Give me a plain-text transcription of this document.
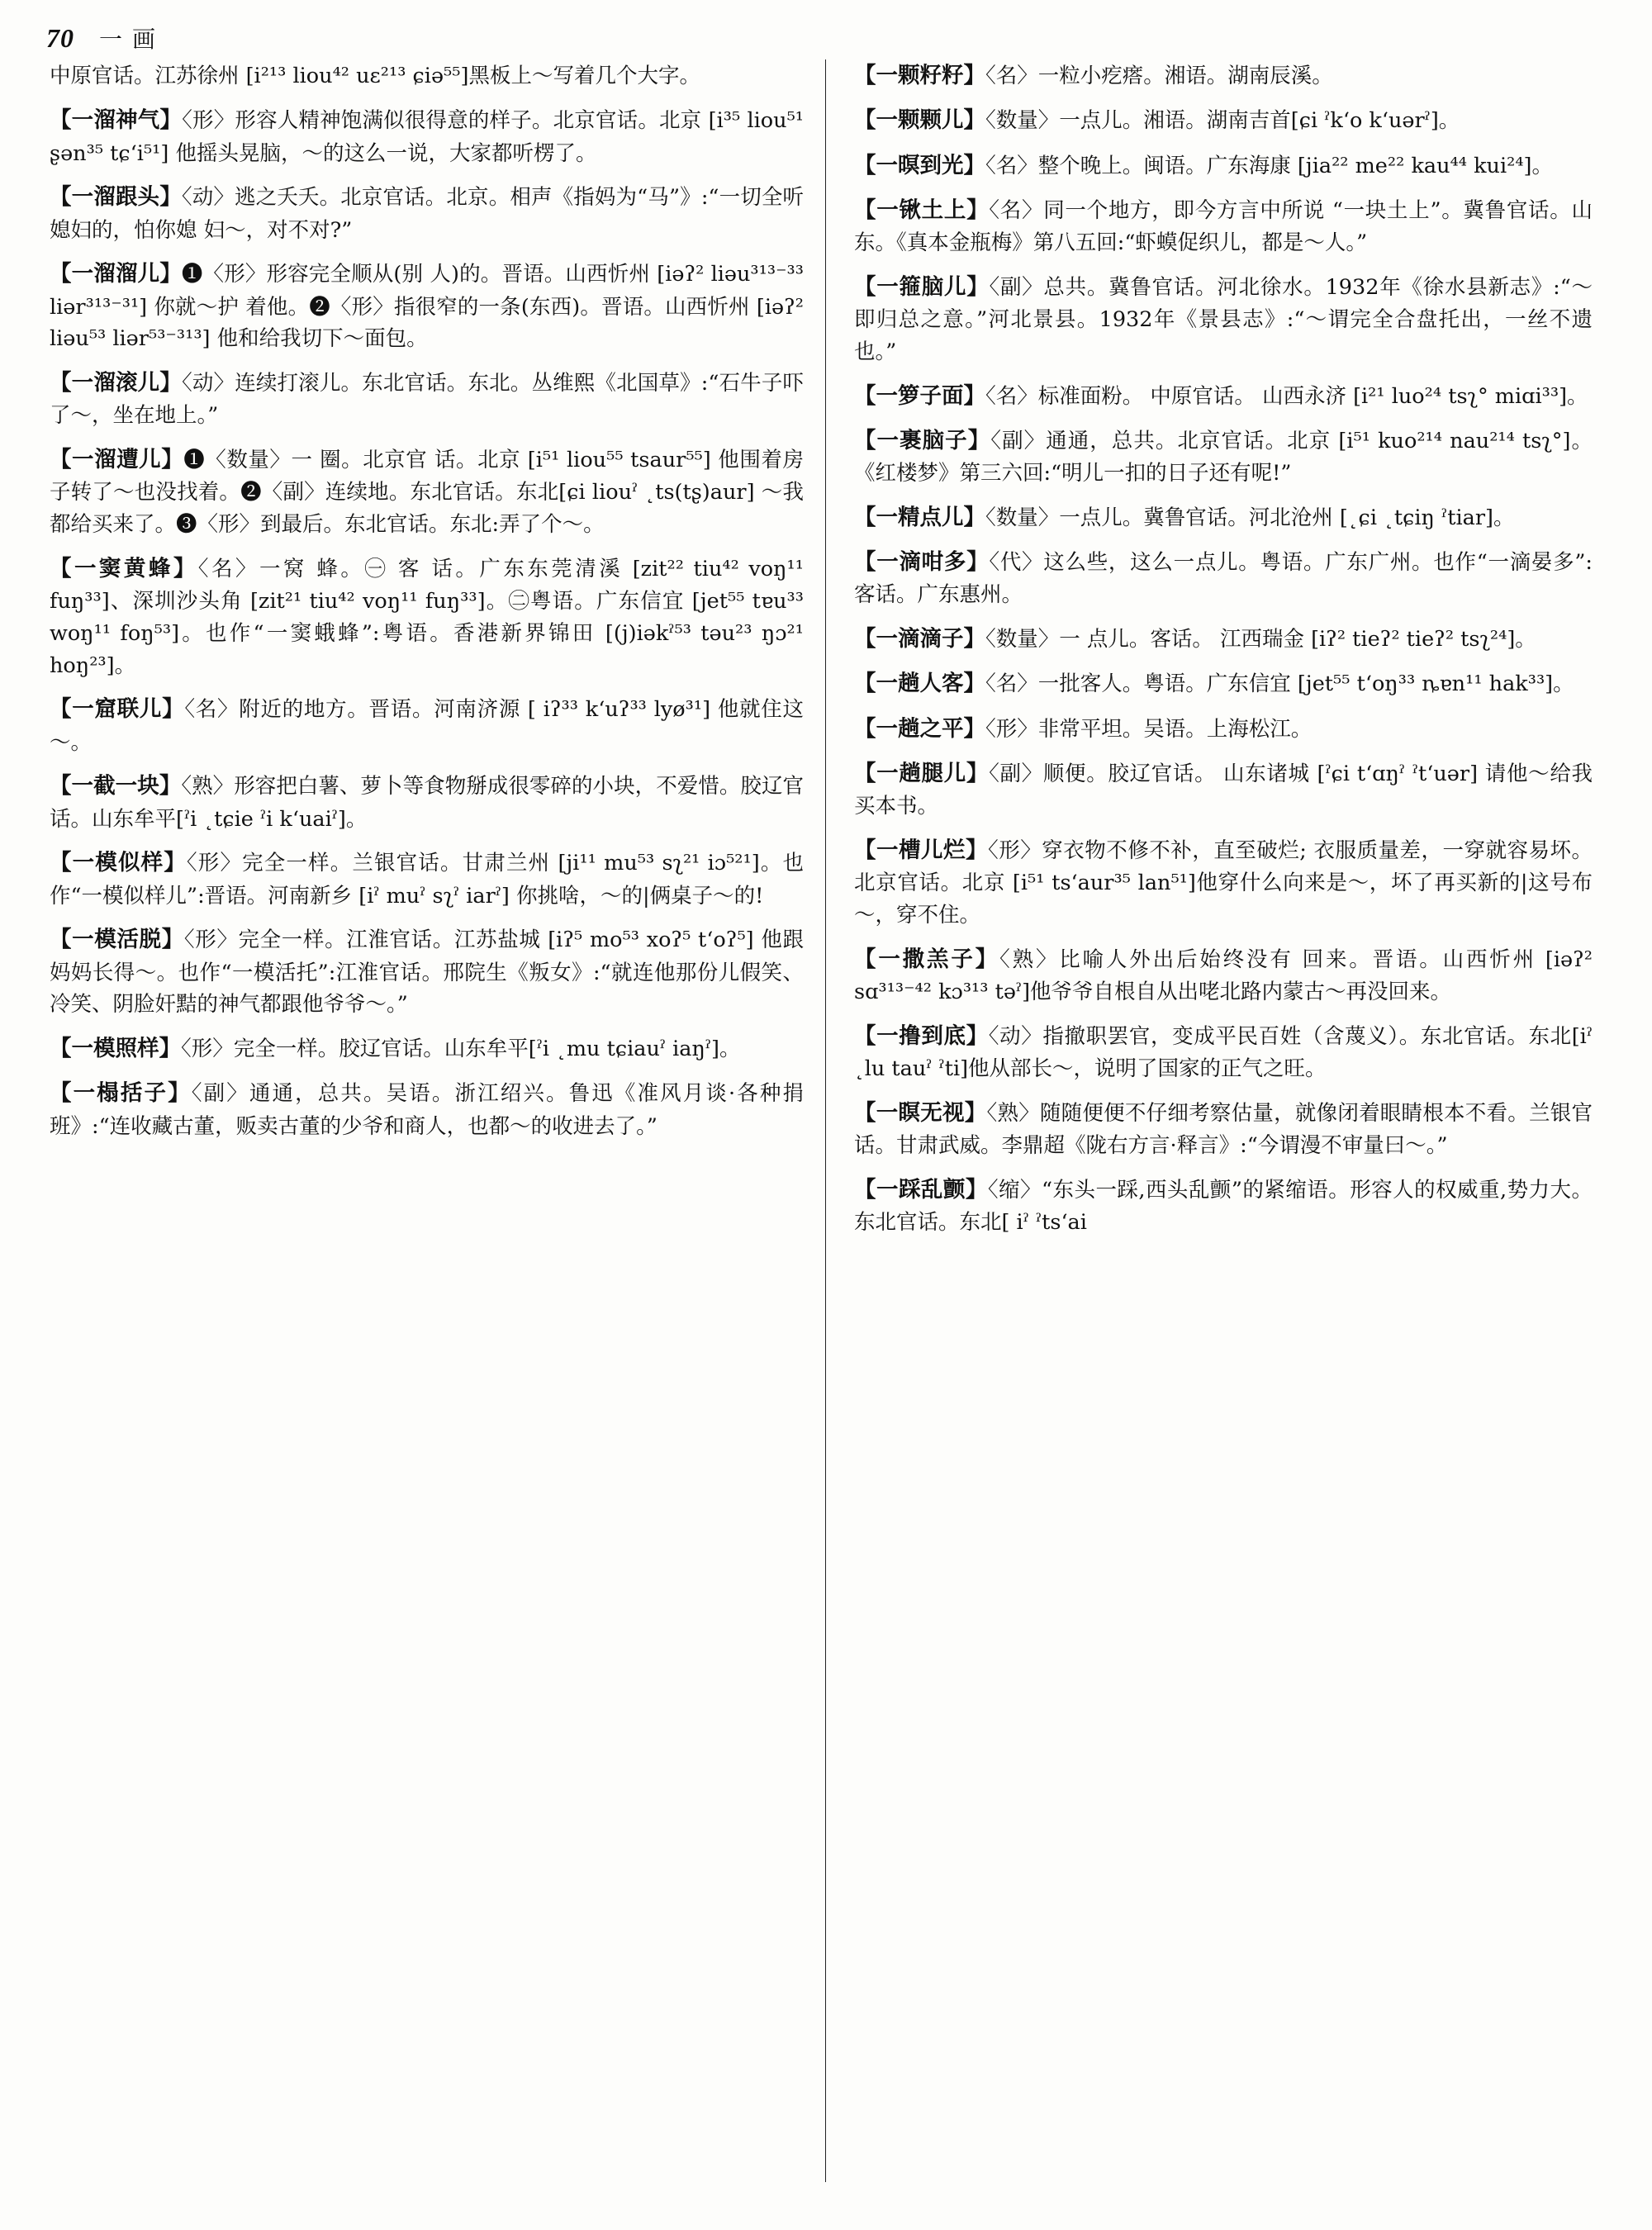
70 一画
中原官话。江苏徐州 [i²¹³ liou⁴² uɛ²¹³ ɕiə⁵⁵]黑板上～写着几个大字。
【一溜神气】〈形〉形容人精神饱满似很得意的样子。北京官话。北京 [i³⁵ liou⁵¹ ʂən³⁵ tɕ‘i⁵¹] 他摇头晃脑，～的这么一说，大家都听楞了。
【一溜跟头】〈动〉逃之夭夭。北京官话。北京。相声《指妈为“马”》:“一切全听媳妇的，怕你媳 妇～，对不对?”
【一溜溜儿】❶〈形〉形容完全顺从(别 人)的。晋语。山西忻州 [iəʔ² liəu³¹³⁻³³ liər³¹³⁻³¹] 你就～护 着他。❷〈形〉指很窄的一条(东西)。晋语。山西忻州 [iəʔ² liəu⁵³ liər⁵³⁻³¹³] 他和给我切下～面包。
【一溜滚儿】〈动〉连续打滚儿。东北官话。东北。丛维熙《北国草》:“石牛子吓了～，坐在地上。”
【一溜遭儿】❶〈数量〉一 圈。北京官 话。北京 [i⁵¹ liou⁵⁵ tsaur⁵⁵] 他围着房子转了～也没找着。❷〈副〉连续地。东北官话。东北[ɕi liouˀ ˛ts(tʂ)aur] ～我都给买来了。❸〈形〉到最后。东北官话。东北:弄了个～。
【一窦黄蜂】〈名〉一窝 蜂。㊀ 客 话。广东东莞清溪 [zit²² tiu⁴² voŋ¹¹ fuŋ³³]、深圳沙头角 [zit²¹ tiu⁴² voŋ¹¹ fuŋ³³]。㊁粤语。广东信宜 [jet⁵⁵ tɐu³³ woŋ¹¹ foŋ⁵³]。也作“一窦蛾蜂”:粤语。香港新界锦田 [(j)iəkˀ⁵³ təu²³ ŋɔ²¹ hoŋ²³]。
【一窟联儿】〈名〉附近的地方。晋语。河南济源 [ iʔ³³ k‘uʔ³³ lyø³¹] 他就住这～。
【一截一块】〈熟〉形容把白薯、萝卜等食物掰成很零碎的小块，不爱惜。胶辽官话。山东牟平[ˀi ˛tɕie ˀi k‘uaiˀ]。
【一模似样】〈形〉完全一样。兰银官话。甘肃兰州 [ji¹¹ mu⁵³ sʅ²¹ iɔ⁵²¹]。也作“一模似样儿”:晋语。河南新乡 [iˀ muˀ sʅˀ iarˀ] 你挑啥，～的|俩桌子～的!
【一模活脱】〈形〉完全一样。江淮官话。江苏盐城 [iʔ⁵ mo⁵³ xoʔ⁵ t‘oʔ⁵] 他跟妈妈长得～。也作“一模活托”:江淮官话。邢院生《叛女》:“就连他那份儿假笑、冷笑、阴脸奸黠的神气都跟他爷爷～。”
【一模照样】〈形〉完全一样。胶辽官话。山东牟平[ˀi ˛mu tɕiauˀ iaŋˀ]。
【一榻括子】〈副〉通通，总共。吴语。浙江绍兴。鲁迅《准风月谈·各种捐班》:“连收藏古董，贩卖古董的少爷和商人，也都～的收进去了。”
【一颗籽籽】〈名〉一粒小疙瘩。湘语。湖南辰溪。
【一颗颗儿】〈数量〉一点儿。湘语。湖南吉首[ɕi ˀk‘o k‘uərˀ]。
【一暝到光】〈名〉整个晚上。闽语。广东海康 [jia²² me²² kau⁴⁴ kui²⁴]。
【一锹土上】〈名〉同一个地方，即今方言中所说 “一块土上”。冀鲁官话。山东。《真本金瓶梅》第八五回:“虾蟆促织儿，都是～人。”
【一箍脑儿】〈副〉总共。冀鲁官话。河北徐水。1932年《徐水县新志》:“～即归总之意。”河北景县。1932年《景县志》:“～谓完全合盘托出，一丝不遗也。”
【一箩子面】〈名〉标准面粉。 中原官话。 山西永济 [i²¹ luo²⁴ tsʅ° miɑi³³]。
【一裹脑子】〈副〉通通，总共。北京官话。北京 [i⁵¹ kuo²¹⁴ nau²¹⁴ tsʅ°]。《红楼梦》第三六回:“明儿一扣的日子还有呢!”
【一精点儿】〈数量〉一点儿。冀鲁官话。河北沧州 [˛ɕi ˛tɕiŋ ˀtiar]。
【一滴咁多】〈代〉这么些，这么一点儿。粤语。广东广州。也作“一滴晏多”:客话。广东惠州。
【一滴滴子】〈数量〉一 点儿。客话。 江西瑞金 [iʔ² tieʔ² tieʔ² tsʅ²⁴]。
【一趟人客】〈名〉一批客人。粤语。广东信宜 [jet⁵⁵ t‘oŋ³³ ȵɐn¹¹ hak³³]。
【一趟之平】〈形〉非常平坦。吴语。上海松江。
【一趟腿儿】〈副〉顺便。胶辽官话。 山东诸城 [ˀɕi t‘ɑŋˀ ˀt‘uər] 请他～给我买本书。
【一槽儿烂】〈形〉穿衣物不修不补，直至破烂; 衣服质量差，一穿就容易坏。北京官话。北京 [i⁵¹ ts‘aur³⁵ lan⁵¹]他穿什么向来是～，坏了再买新的|这号布～，穿不住。
【一撒羔子】〈熟〉比喻人外出后始终没有 回来。晋语。山西忻州 [iəʔ² sɑ³¹³⁻⁴² kɔ³¹³ təˀ]他爷爷自根自从出咾北路内蒙古～再没回来。
【一撸到底】〈动〉指撤职罢官，变成平民百姓（含蔑义）。东北官话。东北[iˀ ˛lu tauˀ ˀti]他从部长～，说明了国家的正气之旺。
【一瞑无视】〈熟〉随随便便不仔细考察估量，就像闭着眼睛根本不看。兰银官话。甘肃武威。李鼎超《陇右方言·释言》:“今谓漫不审量曰～。”
【一踩乱颤】〈缩〉“东头一踩,西头乱颤”的紧缩语。形容人的权威重,势力大。东北官话。东北[ iˀ ˀts‘ai
